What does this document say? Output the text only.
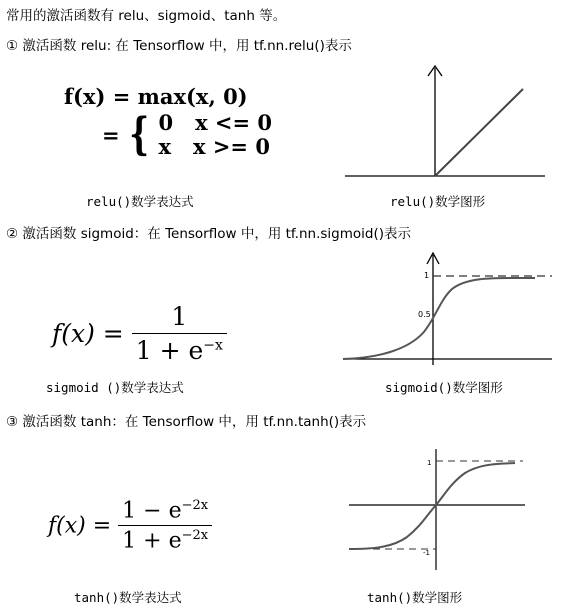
常用的激活函数有 relu、sigmoid、tanh 等。
① 激活函数 relu: 在 Tensorflow 中，用 tf.nn.relu()表示
f(x) = max(x, 0)
= { 0   x <= 0
x   x >= 0
relu()数学表达式	relu()数学图形
② 激活函数 sigmoid：在 Tensorflow 中，用 tf.nn.sigmoid()表示
$f(x) = \frac{1}{1 + e^{-x}}$
1
0.5
sigmoid ()数学表达式	sigmoid()数学图形
③ 激活函数 tanh：在 Tensorflow 中，用 tf.nn.tanh()表示
$f(x) = \frac{1 - e^{-2x}}{1 + e^{-2x}}$
1
-1
tanh()数学表达式	tanh()数学图形
